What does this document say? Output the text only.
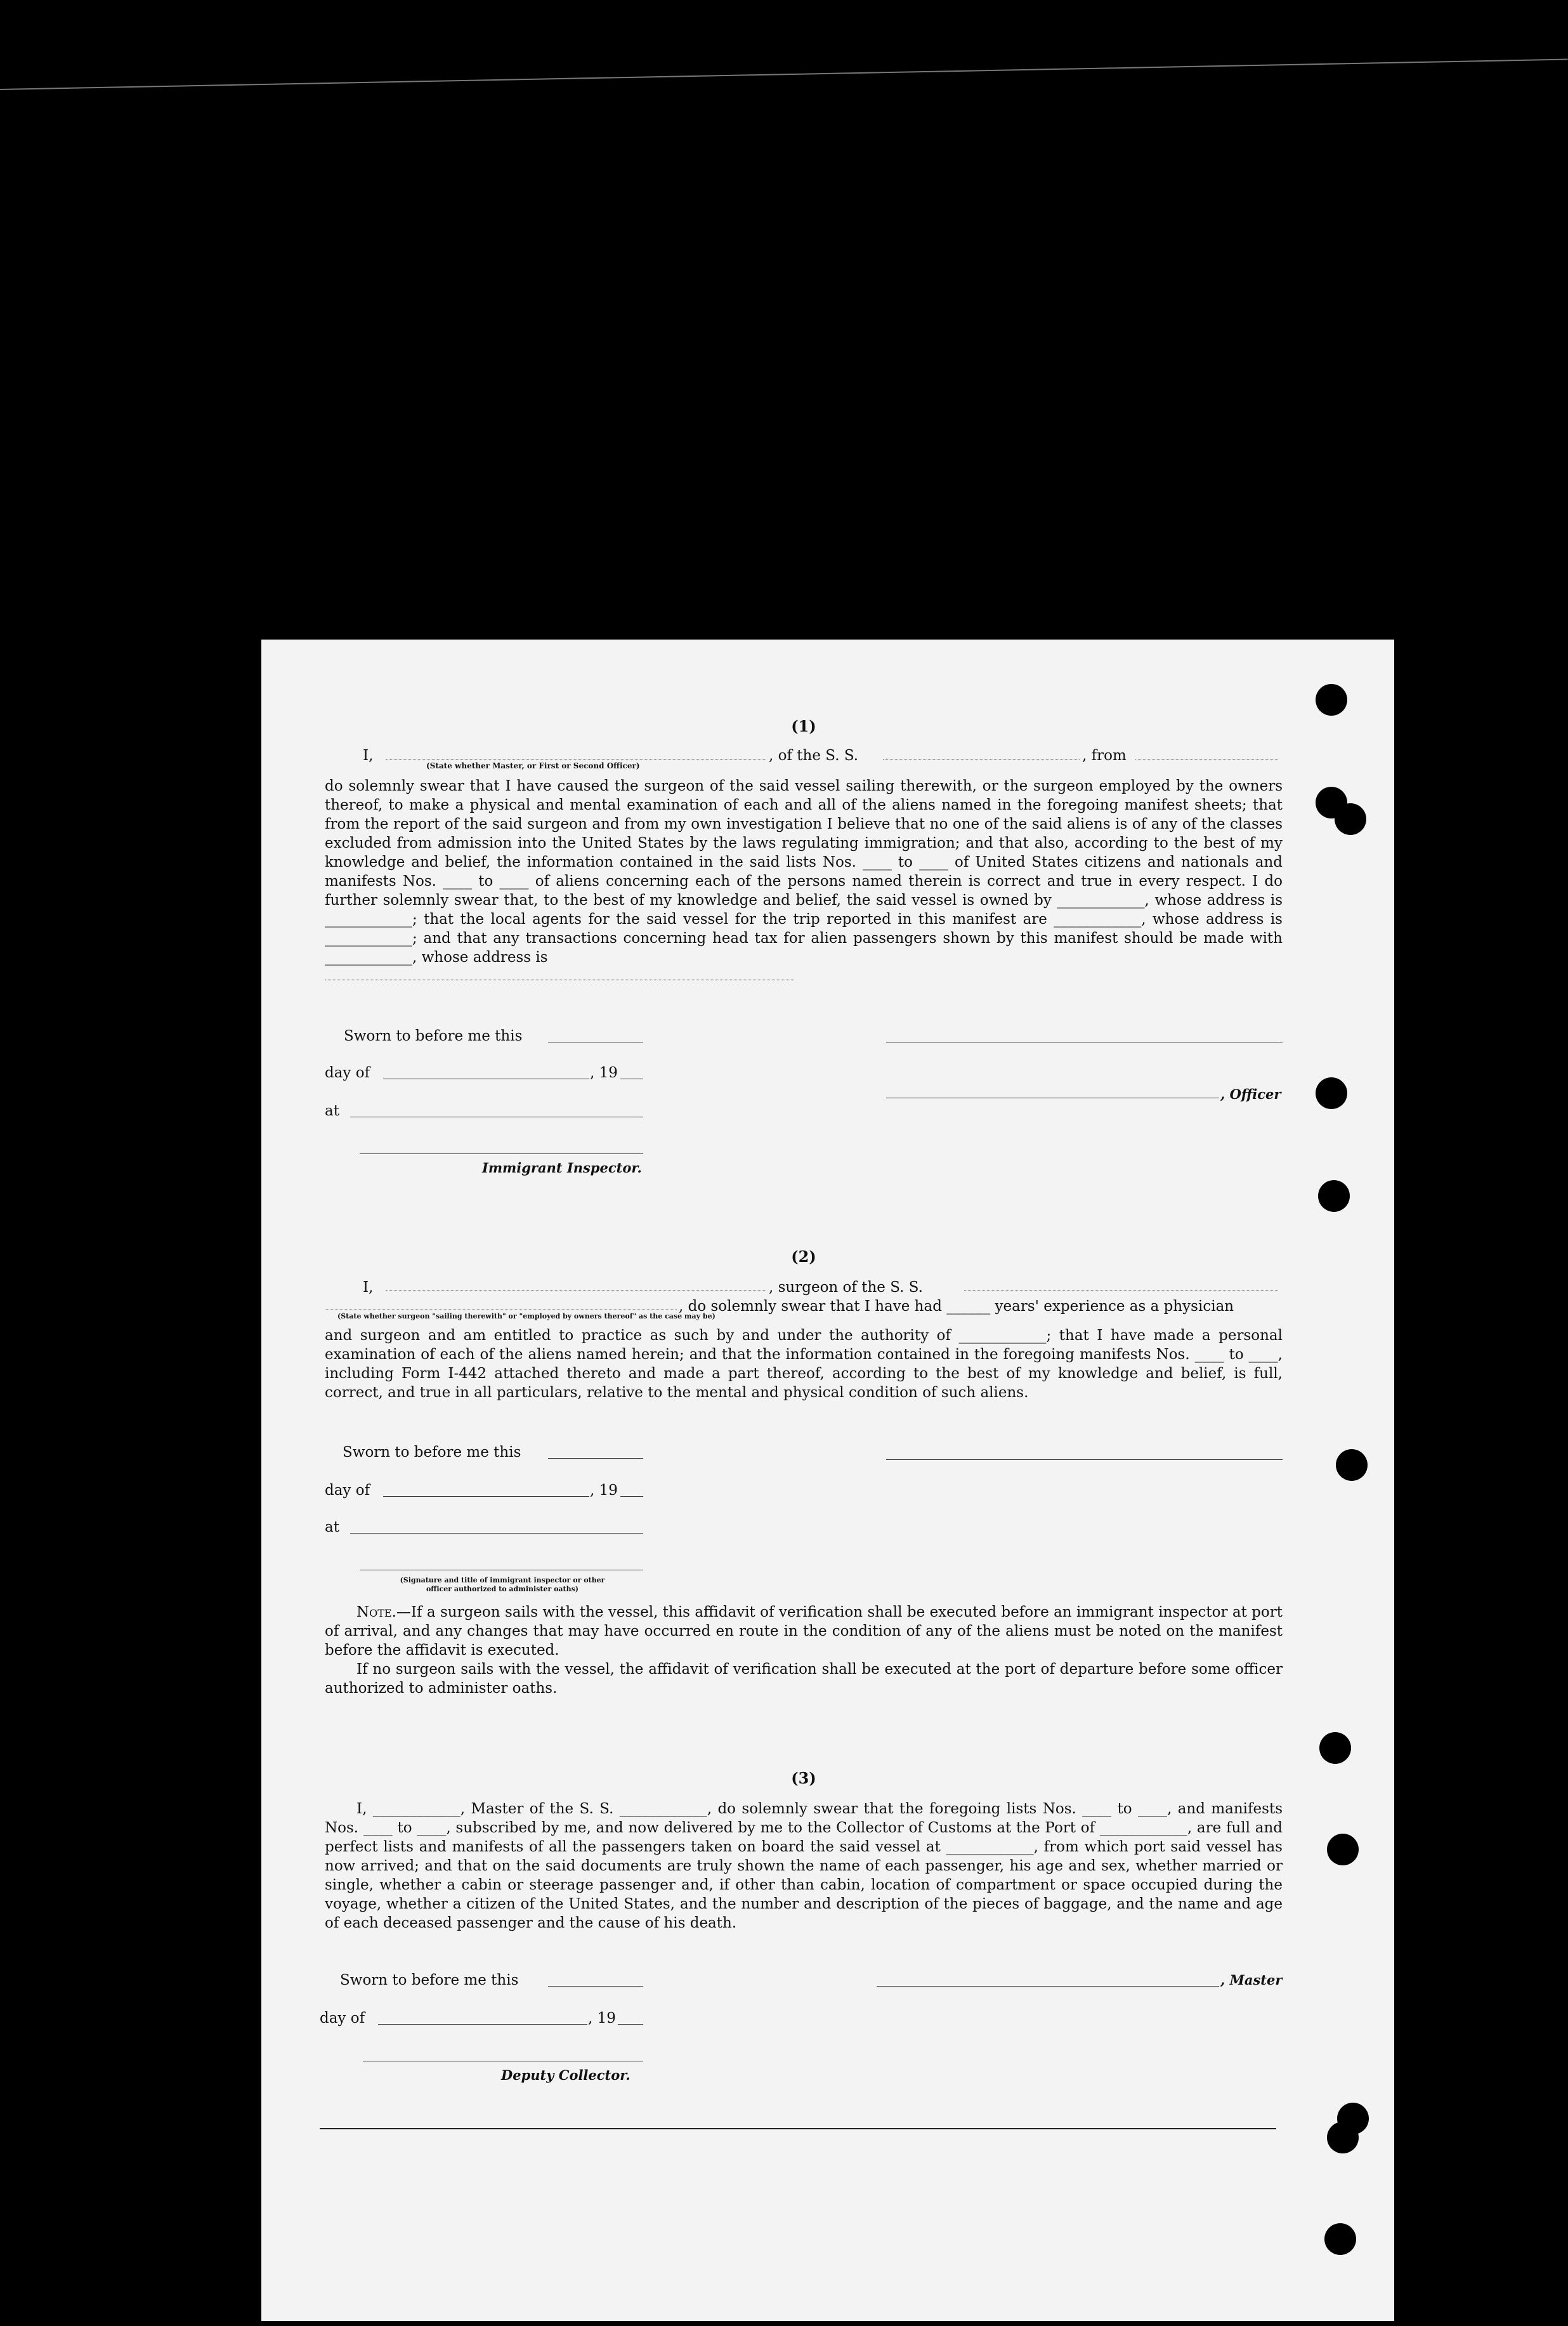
(1)
I,	, of the S. S.	, from
(State whether Master, or First or Second Officer)

do solemnly swear that I have caused the surgeon of the said vessel sailing therewith, or the surgeon employed by the owners thereof, to make a physical and mental examination of each and all of the aliens named in the foregoing manifest sheets; that from the report of the said surgeon and from my own investigation I believe that no one of the said aliens is of any of the classes excluded from admission into the United States by the laws regulating immigration; and that also, according to the best of my knowledge and belief, the information contained in the said lists Nos. ____ to ____ of United States citizens and nationals and manifests Nos. ____ to ____ of aliens concerning each of the persons named therein is correct and true in every respect. I do further solemnly swear that, to the best of my knowledge and belief, the said vessel is owned by ____________, whose address is ____________; that the local agents for the said vessel for the trip reported in this manifest are ____________, whose address is ____________; and that any transactions concerning head tax for alien passengers shown by this manifest should be made with ____________, whose address is

Sworn to before me this
day of	, 19
at
, Officer
Immigrant Inspector.
(2)
I,	, surgeon of the S. S.
, do solemnly swear that I have had ______ years' experience as a physician
(State whether surgeon "sailing therewith" or "employed by owners thereof" as the case may be)

and surgeon and am entitled to practice as such by and under the authority of ____________; that I have made a personal examination of each of the aliens named herein; and that the information contained in the foregoing manifests Nos. ____ to ____, including Form I-442 attached thereto and made a part thereof, according to the best of my knowledge and belief, is full, correct, and true in all particulars, relative to the mental and physical condition of such aliens.

Sworn to before me this
day of	, 19
at
(Signature and title of immigrant inspector or other officer authorized to administer oaths)

Note.—If a surgeon sails with the vessel, this affidavit of verification shall be executed before an immigrant inspector at port of arrival, and any changes that may have occurred en route in the condition of any of the aliens must be noted on the manifest before the affidavit is executed.

If no surgeon sails with the vessel, the affidavit of verification shall be executed at the port of departure before some officer authorized to administer oaths.

(3)

I, ____________, Master of the S. S. ____________, do solemnly swear that the foregoing lists Nos. ____ to ____, and manifests Nos. ____ to ____, subscribed by me, and now delivered by me to the Collector of Customs at the Port of ____________, are full and perfect lists and manifests of all the passengers taken on board the said vessel at ____________, from which port said vessel has now arrived; and that on the said documents are truly shown the name of each passenger, his age and sex, whether married or single, whether a cabin or steerage passenger and, if other than cabin, location of compartment or space occupied during the voyage, whether a citizen of the United States, and the number and description of the pieces of baggage, and the name and age of each deceased passenger and the cause of his death.

Sworn to before me this	, Master
day of	, 19
Deputy Collector.
